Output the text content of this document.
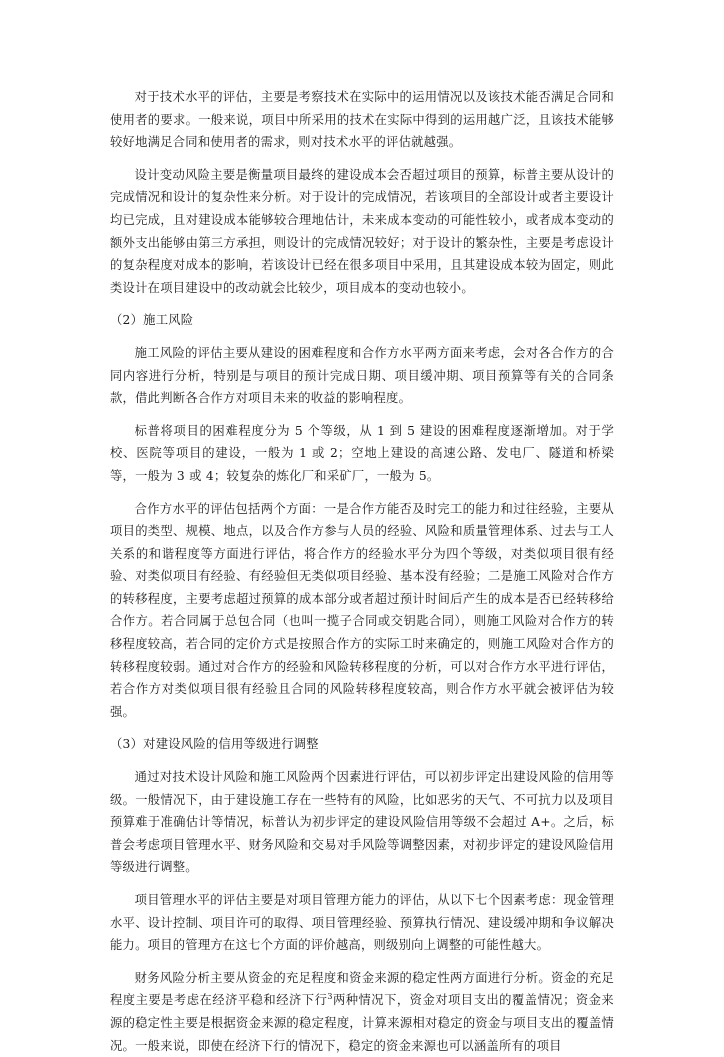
对于技术水平的评估，主要是考察技术在实际中的运用情况以及该技术能否满足合同和使用者的要求。一般来说，项目中所采用的技术在实际中得到的运用越广泛，且该技术能够较好地满足合同和使用者的需求，则对技术水平的评估就越强。

设计变动风险主要是衡量项目最终的建设成本会否超过项目的预算，标普主要从设计的完成情况和设计的复杂性来分析。对于设计的完成情况，若该项目的全部设计或者主要设计均已完成，且对建设成本能够较合理地估计，未来成本变动的可能性较小，或者成本变动的额外支出能够由第三方承担，则设计的完成情况较好；对于设计的繁杂性，主要是考虑设计的复杂程度对成本的影响，若该设计已经在很多项目中采用，且其建设成本较为固定，则此类设计在项目建设中的改动就会比较少，项目成本的变动也较小。

（2）施工风险

施工风险的评估主要从建设的困难程度和合作方水平两方面来考虑，会对各合作方的合同内容进行分析，特别是与项目的预计完成日期、项目缓冲期、项目预算等有关的合同条款，借此判断各合作方对项目未来的收益的影响程度。

标普将项目的困难程度分为 5 个等级，从 1 到 5 建设的困难程度逐渐增加。对于学校、医院等项目的建设，一般为 1 或 2；空地上建设的高速公路、发电厂、隧道和桥梁等，一般为 3 或 4；较复杂的炼化厂和采矿厂，一般为 5。

合作方水平的评估包括两个方面：一是合作方能否及时完工的能力和过往经验，主要从项目的类型、规模、地点，以及合作方参与人员的经验、风险和质量管理体系、过去与工人关系的和谐程度等方面进行评估，将合作方的经验水平分为四个等级，对类似项目很有经验、对类似项目有经验、有经验但无类似项目经验、基本没有经验；二是施工风险对合作方的转移程度，主要考虑超过预算的成本部分或者超过预计时间后产生的成本是否已经转移给合作方。若合同属于总包合同（也叫一揽子合同或交钥匙合同），则施工风险对合作方的转移程度较高，若合同的定价方式是按照合作方的实际工时来确定的，则施工风险对合作方的转移程度较弱。通过对合作方的经验和风险转移程度的分析，可以对合作方水平进行评估，若合作方对类似项目很有经验且合同的风险转移程度较高，则合作方水平就会被评估为较强。

（3）对建设风险的信用等级进行调整

通过对技术设计风险和施工风险两个因素进行评估，可以初步评定出建设风险的信用等级。一般情况下，由于建设施工存在一些特有的风险，比如恶劣的天气、不可抗力以及项目预算难于准确估计等情况，标普认为初步评定的建设风险信用等级不会超过 A+。之后，标普会考虑项目管理水平、财务风险和交易对手风险等调整因素，对初步评定的建设风险信用等级进行调整。

项目管理水平的评估主要是对项目管理方能力的评估，从以下七个因素考虑：现金管理水平、设计控制、项目许可的取得、项目管理经验、预算执行情况、建设缓冲期和争议解决能力。项目的管理方在这七个方面的评价越高，则级别向上调整的可能性越大。

财务风险分析主要从资金的充足程度和资金来源的稳定性两方面进行分析。资金的充足程度主要是考虑在经济平稳和经济下行$^3$两种情况下，资金对项目支出的覆盖情况；资金来源的稳定性主要是根据资金来源的稳定程度，计算来源相对稳定的资金与项目支出的覆盖情况。一般来说，即使在经济下行的情况下，稳定的资金来源也可以涵盖所有的项目
